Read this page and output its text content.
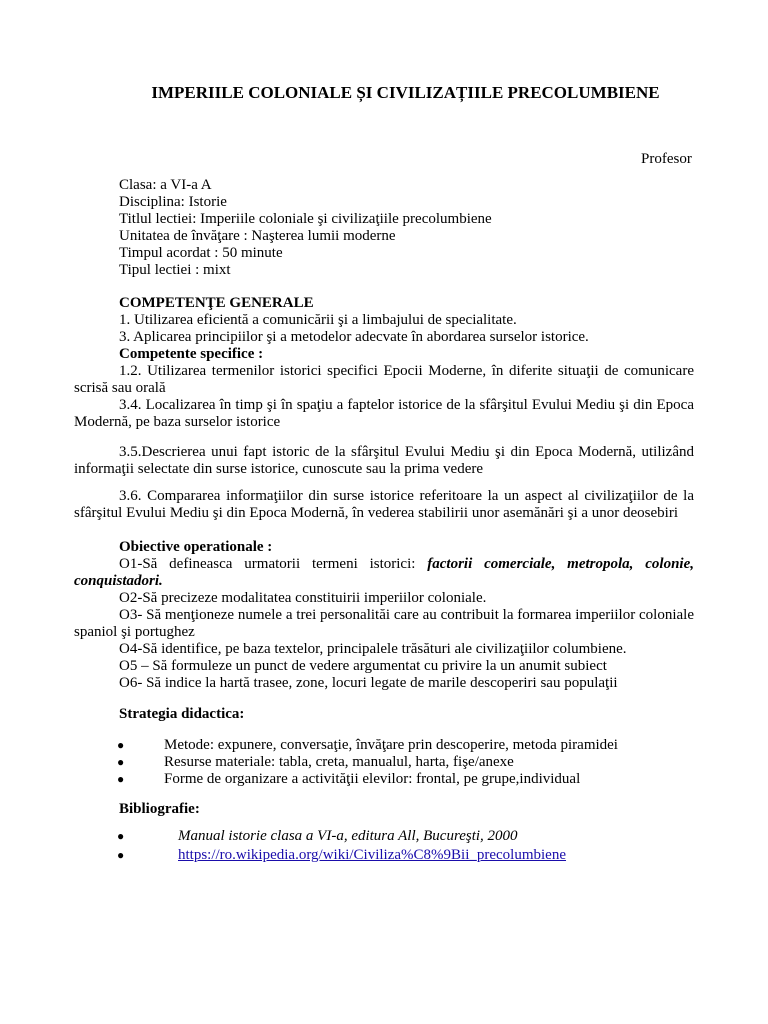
IMPERIILE COLONIALE ȘI CIVILIZAȚIILE PRECOLUMBIENE
Profesor
Clasa: a VI-a A
Disciplina: Istorie
Titlul lectiei: Imperiile coloniale şi civilizaţiile precolumbiene
Unitatea de învăţare : Naşterea lumii moderne
Timpul acordat : 50 minute
Tipul lectiei : mixt
COMPETENŢE GENERALE
1. Utilizarea eficientă a comunicării şi a limbajului de specialitate.
3. Aplicarea principiilor şi a metodelor adecvate în abordarea surselor istorice.
Competente specifice :
1.2. Utilizarea termenilor istorici specifici Epocii Moderne, în diferite situaţii de comunicare scrisă sau orală
3.4. Localizarea în timp şi în spaţiu a faptelor istorice de la sfârşitul Evului Mediu şi din Epoca Modernă, pe baza surselor istorice
3.5.Descrierea unui fapt istoric de la sfârşitul Evului Mediu şi din Epoca Modernă, utilizând informaţii selectate din surse istorice, cunoscute sau la prima vedere
3.6. Compararea informaţiilor din surse istorice referitoare la un aspect al civilizaţiilor de la sfârşitul Evului Mediu şi din Epoca Modernă, în vederea stabilirii unor asemănări şi a unor deosebiri
Obiective operationale :
O1-Să defineasca urmatorii termeni istorici: factorii comerciale, metropola, colonie, conquistadori.
O2-Să precizeze modalitatea constituirii imperiilor coloniale.
O3- Să menţioneze numele a trei personalităi care au contribuit la formarea imperiilor coloniale spaniol şi portughez
O4-Să identifice, pe baza textelor, principalele trăsături ale civilizaţiilor columbiene.
O5 – Să formuleze un punct de vedere argumentat cu privire la un anumit subiect
O6- Să indice la hartă trasee, zone, locuri legate de marile descoperiri sau populaţii
Strategia didactica:
●	Metode: expunere, conversaţie, învăţare prin descoperire, metoda piramidei
●	Resurse materiale: tabla, creta, manualul, harta, fişe/anexe
●	Forme de organizare a activităţii elevilor: frontal, pe grupe,individual
Bibliografie:
●	Manual istorie clasa a VI-a, editura All, Bucureşti, 2000
●	https://ro.wikipedia.org/wiki/Civiliza%C8%9Bii_precolumbiene
